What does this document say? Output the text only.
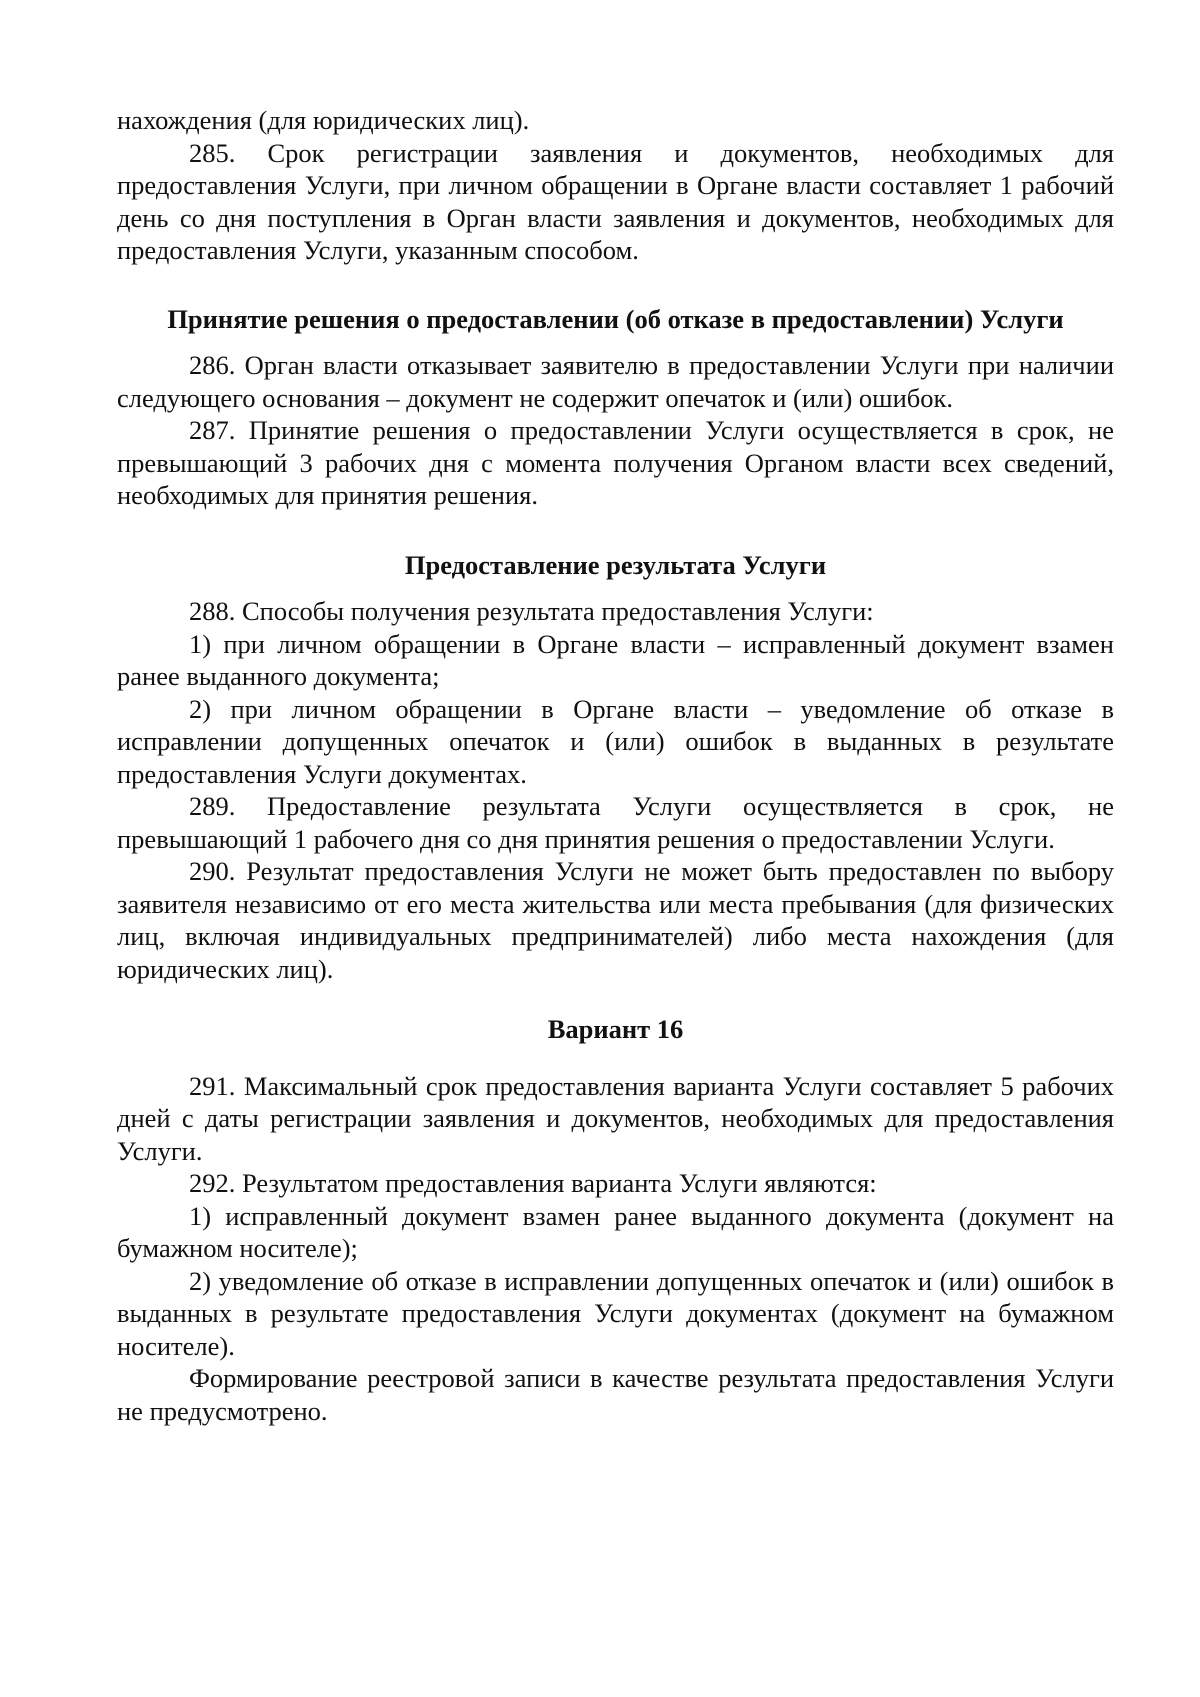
нахождения (для юридических лиц).

285. Срок регистрации заявления и документов, необходимых для предоставления Услуги, при личном обращении в Органе власти составляет 1 рабочий день со дня поступления в Орган власти заявления и документов, необходимых для предоставления Услуги, указанным способом.

Принятие решения о предоставлении (об отказе в предоставлении) Услуги

286. Орган власти отказывает заявителю в предоставлении Услуги при наличии следующего основания – документ не содержит опечаток и (или) ошибок.

287. Принятие решения о предоставлении Услуги осуществляется в срок, не превышающий 3 рабочих дня с момента получения Органом власти всех сведений, необходимых для принятия решения.

Предоставление результата Услуги

288. Способы получения результата предоставления Услуги:

1) при личном обращении в Органе власти – исправленный документ взамен ранее выданного документа;

2) при личном обращении в Органе власти – уведомление об отказе в исправлении допущенных опечаток и (или) ошибок в выданных в результате предоставления Услуги документах.

289. Предоставление результата Услуги осуществляется в срок, не превышающий 1 рабочего дня со дня принятия решения о предоставлении Услуги.

290. Результат предоставления Услуги не может быть предоставлен по выбору заявителя независимо от его места жительства или места пребывания (для физических лиц, включая индивидуальных предпринимателей) либо места нахождения (для юридических лиц).

Вариант 16

291. Максимальный срок предоставления варианта Услуги составляет 5 рабочих дней с даты регистрации заявления и документов, необходимых для предоставления Услуги.

292. Результатом предоставления варианта Услуги являются:

1) исправленный документ взамен ранее выданного документа (документ на бумажном носителе);

2) уведомление об отказе в исправлении допущенных опечаток и (или) ошибок в выданных в результате предоставления Услуги документах (документ на бумажном носителе).

Формирование реестровой записи в качестве результата предоставления Услуги не предусмотрено.
